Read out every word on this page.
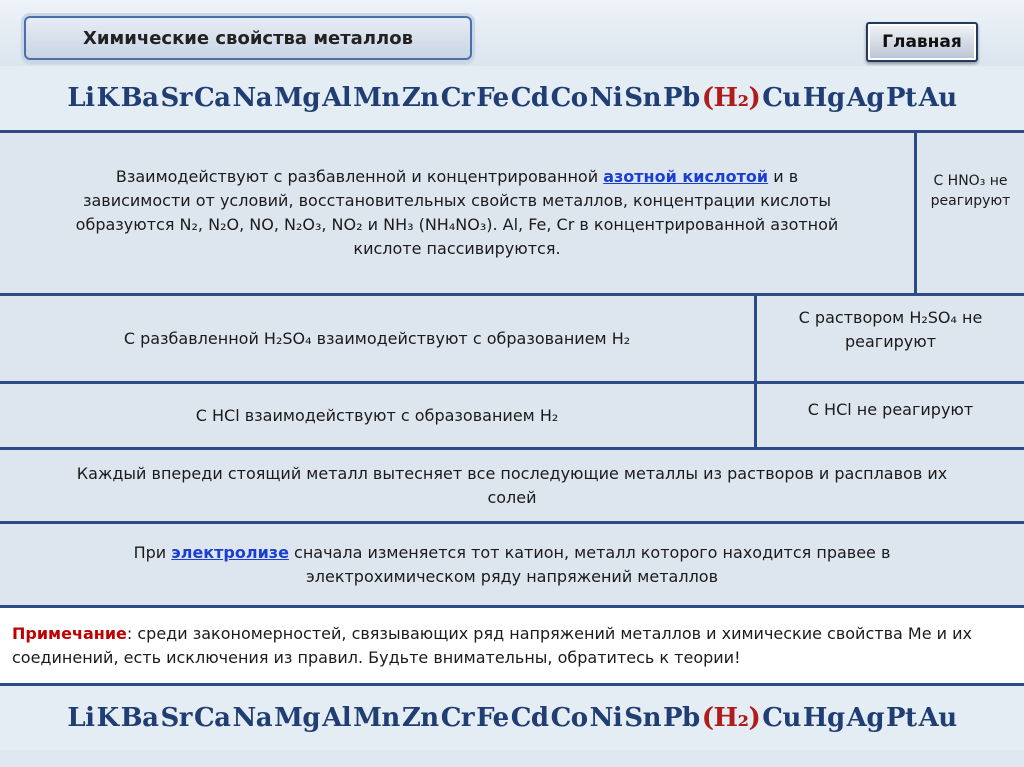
Химические свойства металлов	Главная
Li K Ba Sr Ca Na Mg Al Mn Zn Cr Fe Cd Co Ni Sn Pb (H₂) Cu Hg Ag Pt Au
Взаимодействуют с разбавленной и концентрированной азотной кислотой и в зависимости от условий, восстановительных свойств металлов, концентрации кислоты образуются N₂, N₂O, NO, N₂O₃, NO₂ и NH₃ (NH₄NO₃). Al, Fe, Cr в концентрированной азотной кислоте пассивируются.
С HNO₃ не реагируют
С разбавленной H₂SO₄ взаимодействуют с образованием H₂
С раствором H₂SO₄ не реагируют
С HCl взаимодействуют с образованием H₂	С HCl не реагируют
Каждый впереди стоящий металл вытесняет все последующие металлы из растворов и расплавов их солей
При электролизе сначала изменяется тот катион, металл которого находится правее в электрохимическом ряду напряжений металлов
Примечание: среди закономерностей, связывающих ряд напряжений металлов и химические свойства Me и их соединений, есть исключения из правил. Будьте внимательны, обратитесь к теории!
Li K Ba Sr Ca Na Mg Al Mn Zn Cr Fe Cd Co Ni Sn Pb (H₂) Cu Hg Ag Pt Au
